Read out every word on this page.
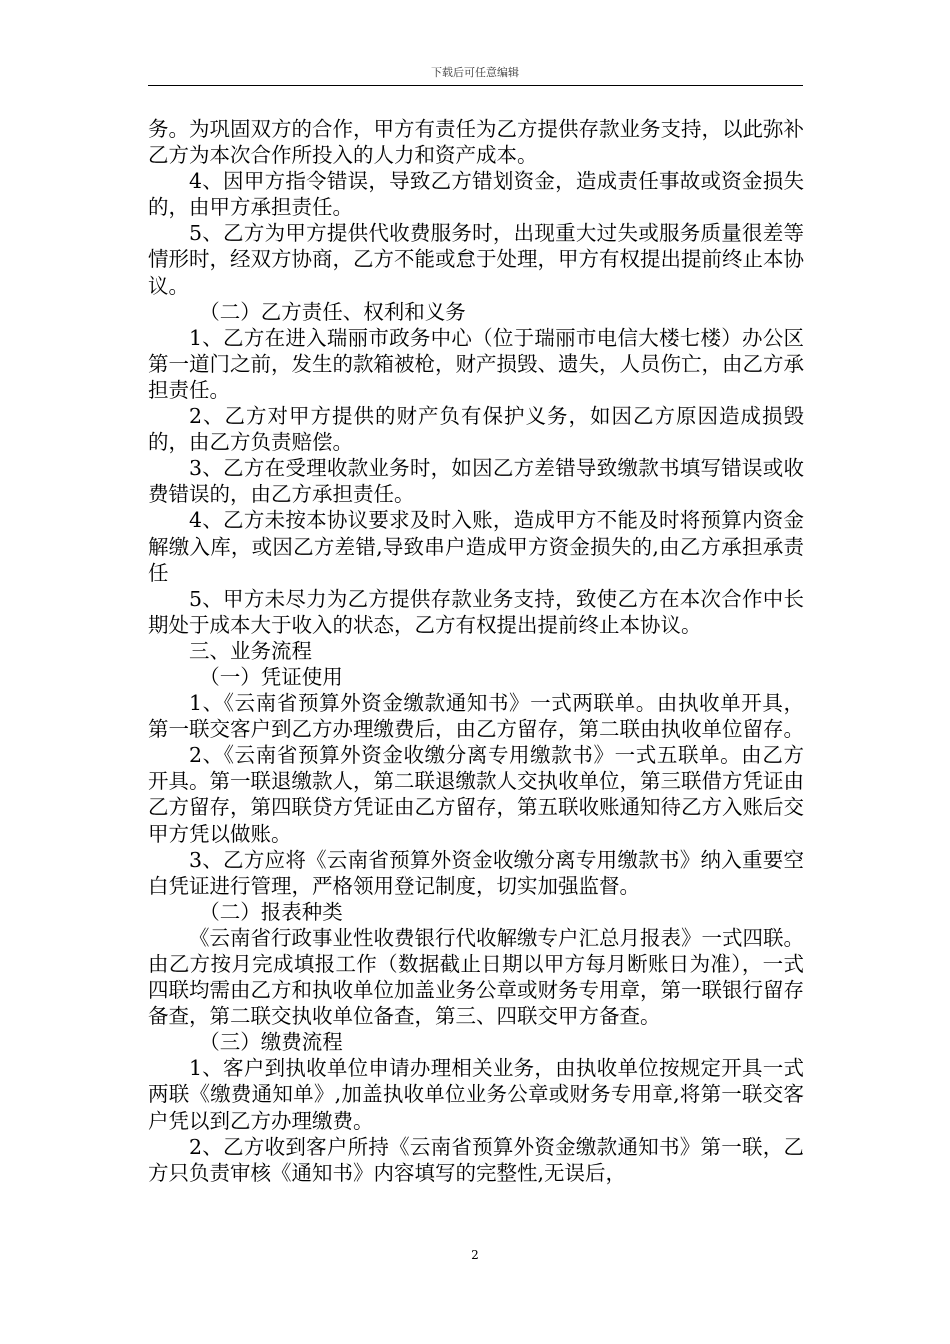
下载后可任意编辑

务。为巩固双方的合作，甲方有责任为乙方提供存款业务支持，以此弥补乙方为本次合作所投入的人力和资产成本。

4、因甲方指令错误，导致乙方错划资金，造成责任事故或资金损失的，由甲方承担责任。

5、乙方为甲方提供代收费服务时，出现重大过失或服务质量很差等情形时，经双方协商，乙方不能或怠于处理，甲方有权提出提前终止本协议。

（二）乙方责任、权利和义务

1、乙方在进入瑞丽市政务中心（位于瑞丽市电信大楼七楼）办公区第一道门之前，发生的款箱被枪，财产损毁、遗失，人员伤亡，由乙方承担责任。

2、乙方对甲方提供的财产负有保护义务，如因乙方原因造成损毁的，由乙方负责赔偿。

3、乙方在受理收款业务时，如因乙方差错导致缴款书填写错误或收费错误的，由乙方承担责任。

4、乙方未按本协议要求及时入账，造成甲方不能及时将预算内资金解缴入库，或因乙方差错,导致串户造成甲方资金损失的,由乙方承担承责任

5、甲方未尽力为乙方提供存款业务支持，致使乙方在本次合作中长期处于成本大于收入的状态，乙方有权提出提前终止本协议。

三、业务流程

（一）凭证使用

1、《云南省预算外资金缴款通知书》一式两联单。由执收单开具，第一联交客户到乙方办理缴费后，由乙方留存，第二联由执收单位留存。

2、《云南省预算外资金收缴分离专用缴款书》一式五联单。由乙方开具。第一联退缴款人，第二联退缴款人交执收单位，第三联借方凭证由乙方留存，第四联贷方凭证由乙方留存，第五联收账通知待乙方入账后交甲方凭以做账。

3、乙方应将《云南省预算外资金收缴分离专用缴款书》纳入重要空白凭证进行管理，严格领用登记制度，切实加强监督。

（二）报表种类

《云南省行政事业性收费银行代收解缴专户汇总月报表》一式四联。由乙方按月完成填报工作（数据截止日期以甲方每月断账日为准），一式四联均需由乙方和执收单位加盖业务公章或财务专用章，第一联银行留存备查，第二联交执收单位备查，第三、四联交甲方备查。

（三）缴费流程

1、客户到执收单位申请办理相关业务，由执收单位按规定开具一式两联《缴费通知单》,加盖执收单位业务公章或财务专用章,将第一联交客户凭以到乙方办理缴费。

2、乙方收到客户所持《云南省预算外资金缴款通知书》第一联，乙方只负责审核《通知书》内容填写的完整性,无误后，

2
